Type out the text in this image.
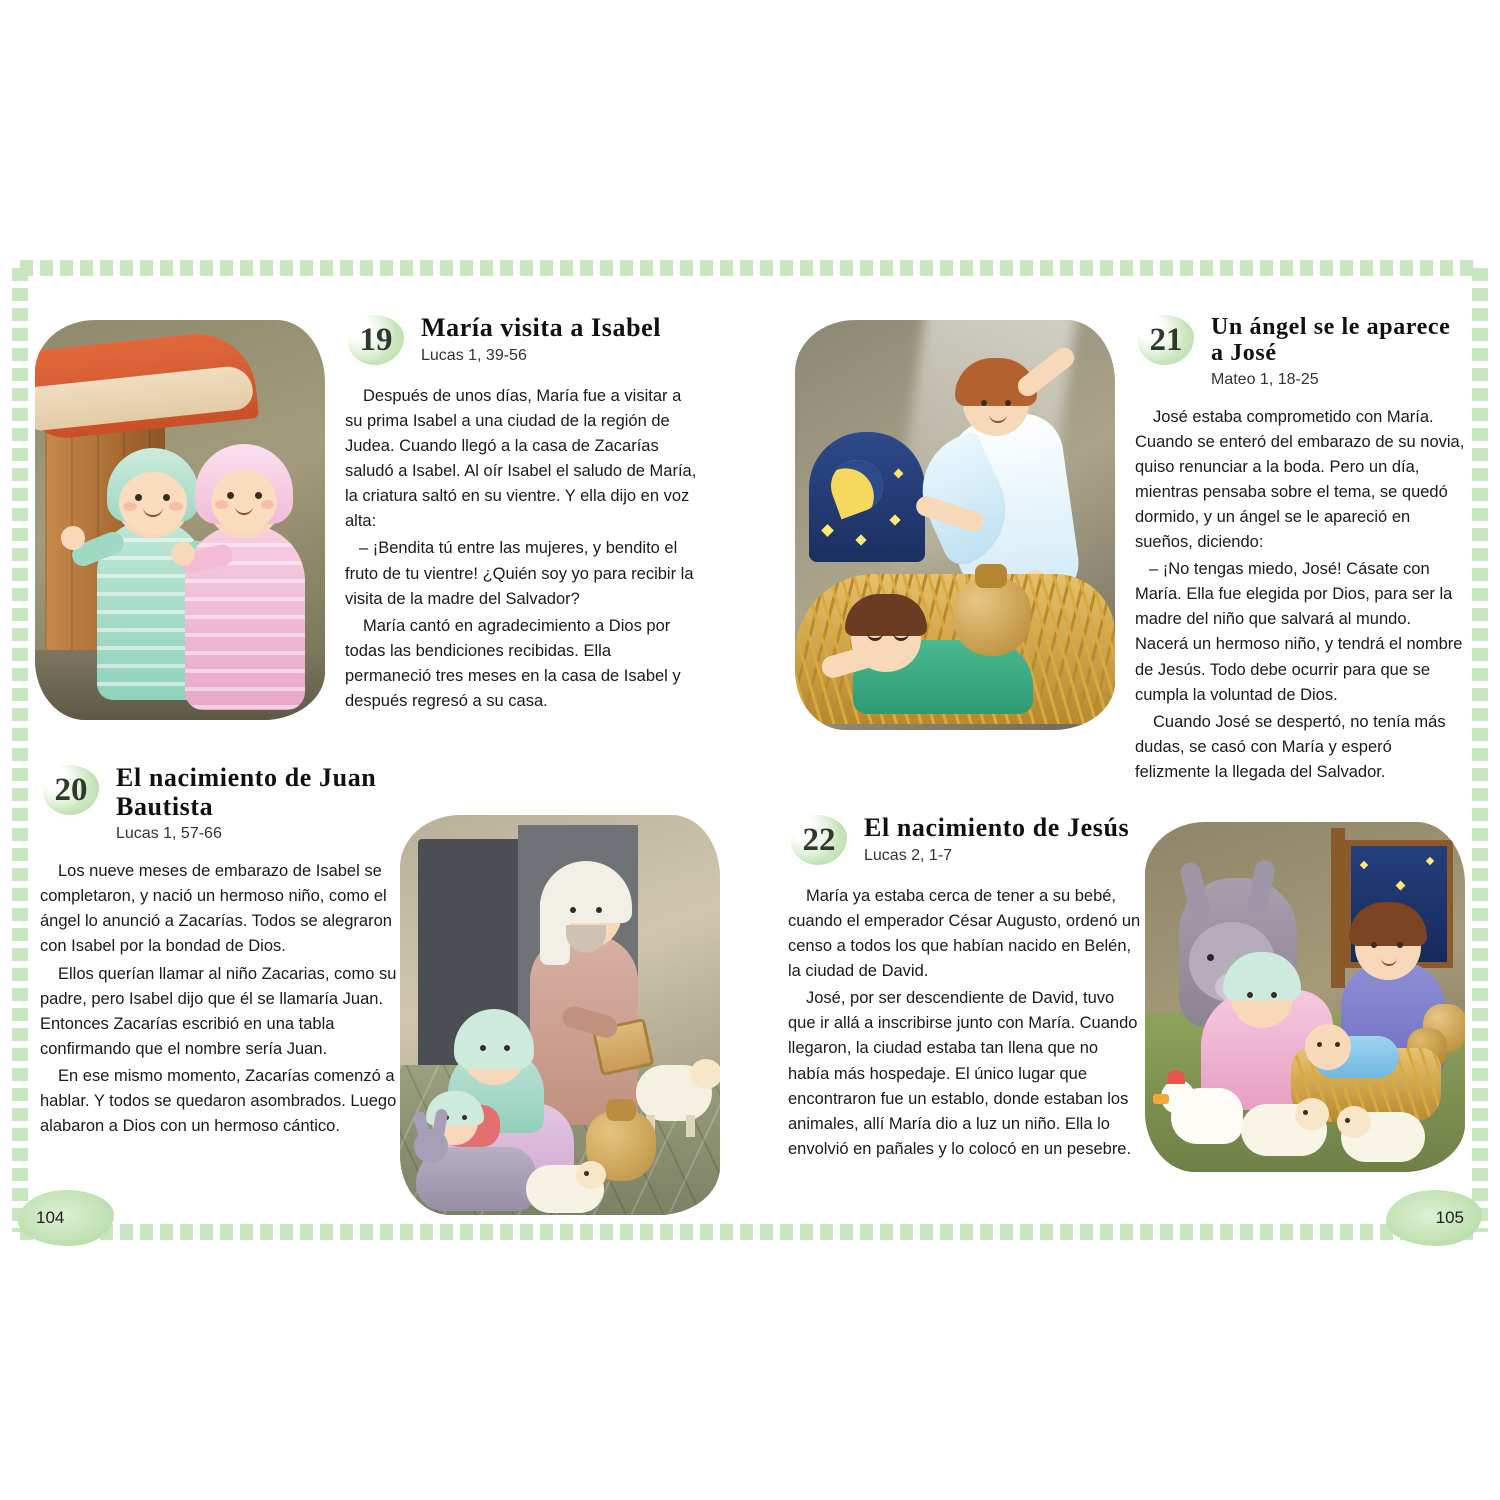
19	María visita a Isabel
Lucas 1, 39-56

Después de unos días, María fue a visitar a su prima Isabel a una ciudad de la región de Judea. Cuando llegó a la casa de Zacarías saludó a Isabel. Al oír Isabel el saludo de María, la criatura saltó en su vientre. Y ella dijo en voz alta:

– ¡Bendita tú entre las mujeres, y bendito el fruto de tu vientre! ¿Quién soy yo para recibir la visita de la madre del Salvador?

María cantó en agradecimiento a Dios por todas las bendiciones recibidas. Ella permaneció tres meses en la casa de Isabel y después regresó a su casa.

20	El nacimiento de Juan Bautista
Lucas 1, 57-66

Los nueve meses de embarazo de Isabel se completaron, y nació un hermoso niño, como el ángel lo anunció a Zacarías. Todos se alegraron con Isabel por la bondad de Dios.

Ellos querían llamar al niño Zacarias, como su padre, pero Isabel dijo que él se llamaría Juan. Entonces Zacarías escribió en una tabla confirmando que el nombre sería Juan.

En ese mismo momento, Zacarías comenzó a hablar. Y todos se quedaron asombrados. Luego alabaron a Dios con un hermoso cántico.

104
21	Un ángel se le aparece a José
Mateo 1, 18-25

José estaba comprometido con María. Cuando se enteró del embarazo de su novia, quiso renunciar a la boda. Pero un día, mientras pensaba sobre el tema, se quedó dormido, y un ángel se le apareció en sueños, diciendo:

– ¡No tengas miedo, José! Cásate con María. Ella fue elegida por Dios, para ser la madre del niño que salvará al mundo. Nacerá un hermoso niño, y tendrá el nombre de Jesús. Todo debe ocurrir para que se cumpla la voluntad de Dios.

Cuando José se despertó, no tenía más dudas, se casó con María y esperó felizmente la llegada del Salvador.

22	El nacimiento de Jesús
Lucas 2, 1-7

María ya estaba cerca de tener a su bebé, cuando el emperador César Augusto, ordenó un censo a todos los que habían nacido en Belén, la ciudad de David.

José, por ser descendiente de David, tuvo que ir allá a inscribirse junto con María. Cuando llegaron, la ciudad estaba tan llena que no había más hospedaje. El único lugar que encontraron fue un establo, donde estaban los animales, allí María dio a luz un niño. Ella lo envolvió en pañales y lo colocó en un pesebre.

105
